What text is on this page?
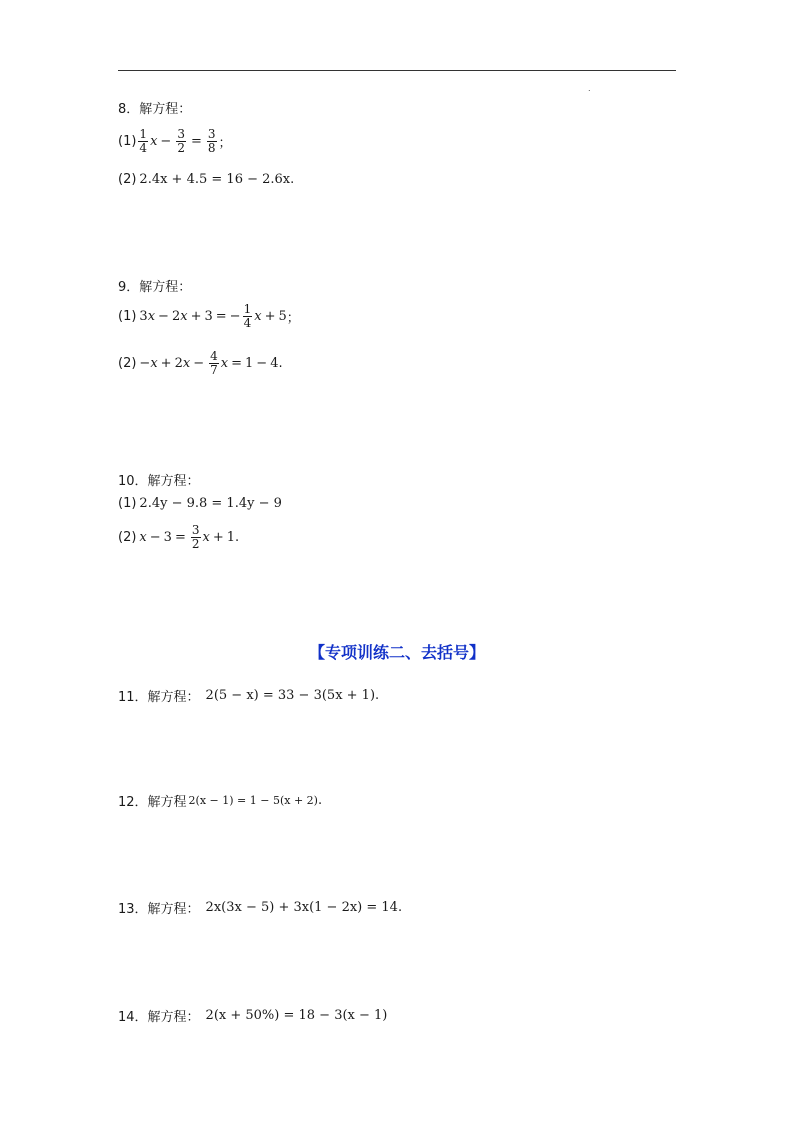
.
8．解方程：
$(1) \frac{1}{4}$ $x - \frac{3}{2} = \frac{3}{8}$ ；
(2) 2.4x + 4.5 = 16 − 2.6x .
9．解方程：
(1) 3 x − 2 x + 3 = − $\frac{1}{4}$ x + 5 ；
(2) − x + 2 $x - \frac{4}{7}$ x = 1 − 4 .
10．解方程：
(1) 2.4y − 9.8 = 1.4y − 9
(2) $x - 3 = \frac{3}{2}$ x + 1 .
【专项训练二、去括号】
11．解方程： 2(5 − x) = 33 − 3(5x + 1) .
12．解方程 2(x − 1) = 1 − 5(x + 2) .
13．解方程： 2x(3x − 5) + 3x(1 − 2x) = 14 .
14．解方程： 2(x + 50%) = 18 − 3(x − 1)
